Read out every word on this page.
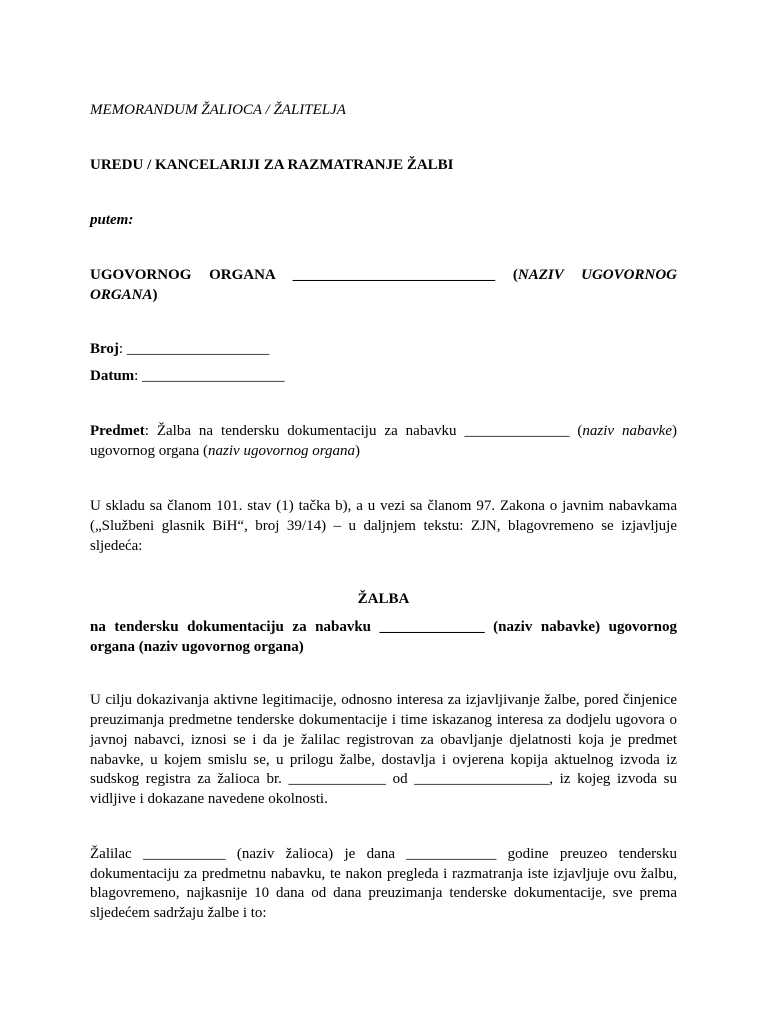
MEMORANDUM ŽALIOCA / ŽALITELJA
UREDU / KANCELARIJI ZA RAZMATRANJE ŽALBI
putem:
UGOVORNOG ORGANA ___________________________ (NAZIV UGOVORNOG
ORGANA)
Broj: ___________________
Datum: ___________________
Predmet: Žalba na tendersku dokumentaciju za nabavku ______________ (naziv nabavke)
ugovornog organa (naziv ugovornog organa)
U skladu sa članom 101. stav (1) tačka b), a u vezi sa članom 97. Zakona o javnim nabavkama
(„Službeni glasnik BiH“, broj 39/14) – u daljnjem tekstu: ZJN, blagovremeno se izjavljuje
sljedeća:
ŽALBA
na tendersku dokumentaciju za nabavku ______________ (naziv nabavke) ugovornog
organa (naziv ugovornog organa)
U cilju dokazivanja aktivne legitimacije, odnosno interesa za izjavljivanje žalbe, pored činjenice
preuzimanja predmetne tenderske dokumentacije i time iskazanog interesa za dodjelu ugovora o
javnoj nabavci, iznosi se i da je žalilac registrovan za obavljanje djelatnosti koja je predmet
nabavke, u kojem smislu se, u prilogu žalbe, dostavlja i ovjerena kopija aktuelnog izvoda iz
sudskog registra za žalioca br. _____________ od __________________, iz kojeg izvoda su
vidljive i dokazane navedene okolnosti.
Žalilac ___________ (naziv žalioca) je dana ____________ godine preuzeo tendersku
dokumentaciju za predmetnu nabavku, te nakon pregleda i razmatranja iste izjavljuje ovu žalbu,
blagovremeno, najkasnije 10 dana od dana preuzimanja tenderske dokumentacije, sve prema
sljedećem sadržaju žalbe i to:
